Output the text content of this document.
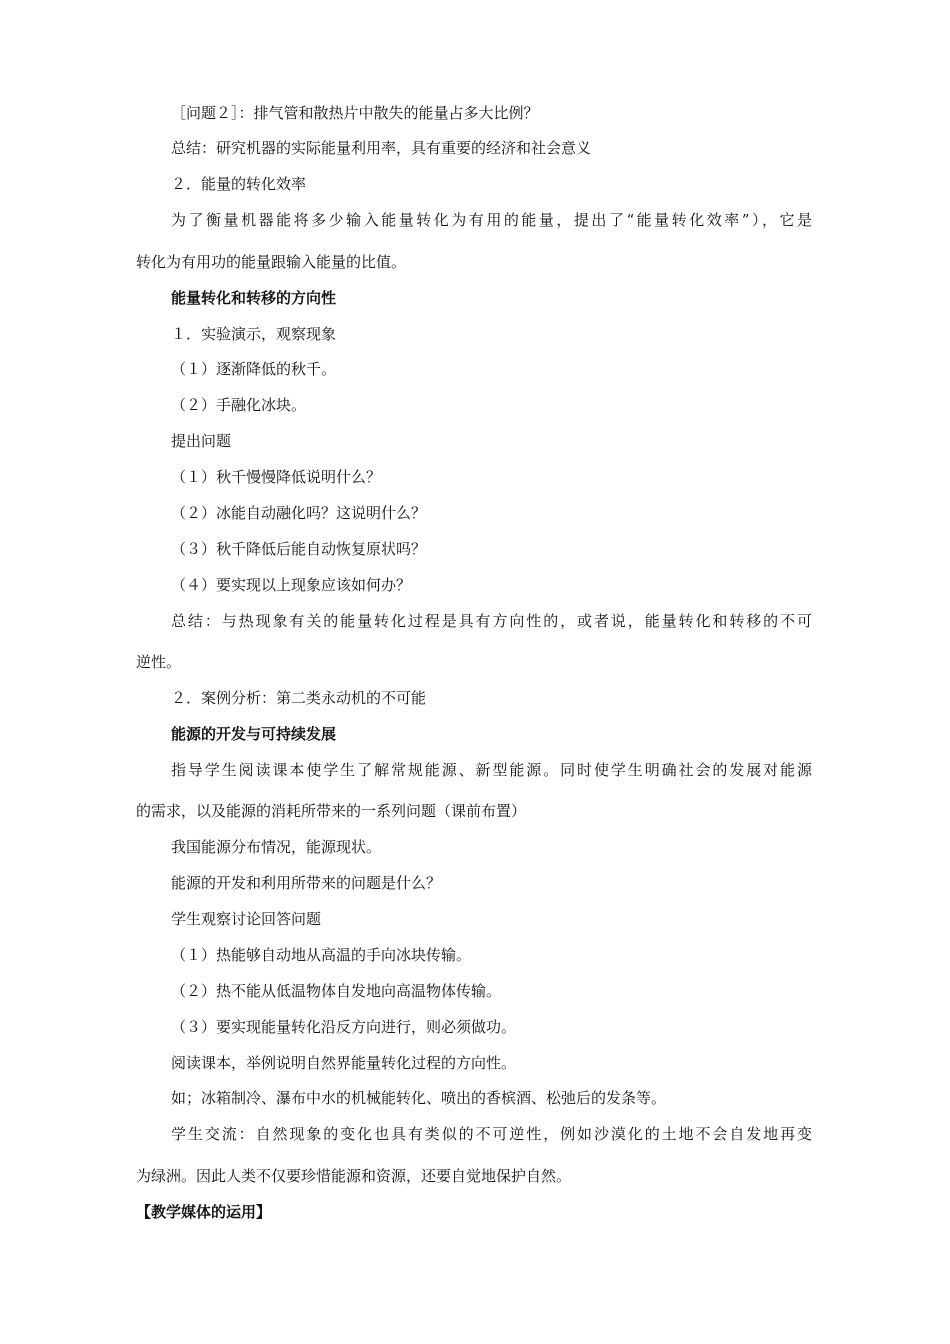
［问题２］：排气管和散热片中散失的能量占多大比例？
总结：研究机器的实际能量利用率，具有重要的经济和社会意义
２．能量的转化效率
为了衡量机器能将多少输入能量转化为有用的能量，提出了“能量转化效率”），它是
转化为有用功的能量跟输入能量的比值。
能量转化和转移的方向性
１．实验演示，观察现象
（１）逐渐降低的秋千。
（２）手融化冰块。
提出问题
（１）秋千慢慢降低说明什么？
（２）冰能自动融化吗？这说明什么？
（３）秋千降低后能自动恢复原状吗？
（４）要实现以上现象应该如何办？
总结：与热现象有关的能量转化过程是具有方向性的，或者说，能量转化和转移的不可
逆性。
２．案例分析：第二类永动机的不可能
能源的开发与可持续发展
指导学生阅读课本使学生了解常规能源、新型能源。同时使学生明确社会的发展对能源
的需求，以及能源的消耗所带来的一系列问题（课前布置）
我国能源分布情况，能源现状。
能源的开发和利用所带来的问题是什么？
学生观察讨论回答问题
（１）热能够自动地从高温的手向冰块传输。
（２）热不能从低温物体自发地向高温物体传输。
（３）要实现能量转化沿反方向进行，则必须做功。
阅读课本，举例说明自然界能量转化过程的方向性。
如；冰箱制冷、瀑布中水的机械能转化、喷出的香槟酒、松弛后的发条等。
学生交流：自然现象的变化也具有类似的不可逆性，例如沙漠化的土地不会自发地再变
为绿洲。因此人类不仅要珍惜能源和资源，还要自觉地保护自然。
【教学媒体的运用】
